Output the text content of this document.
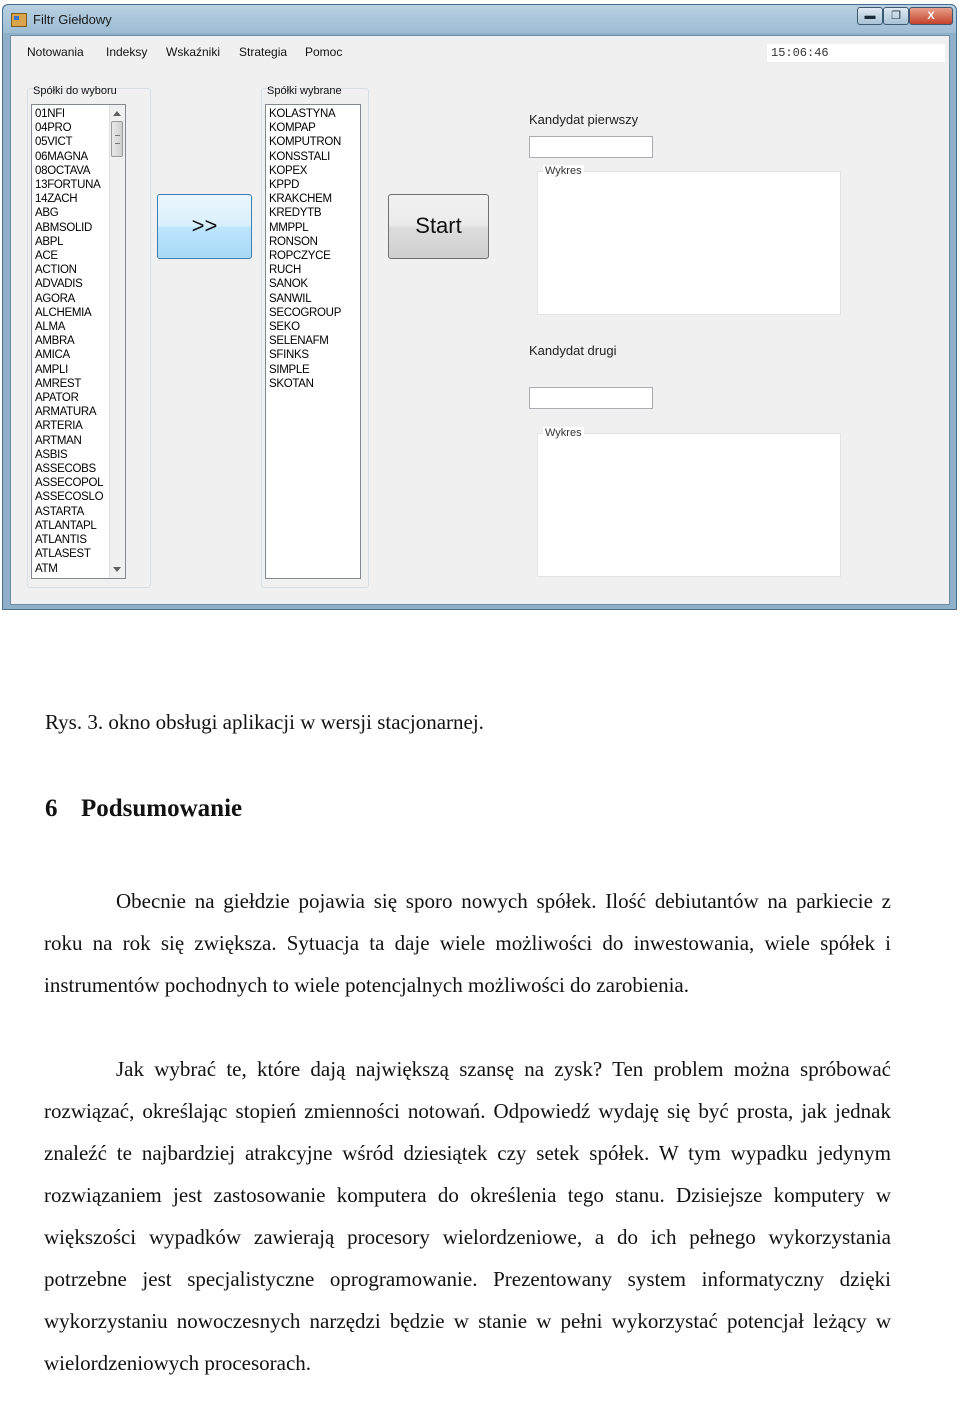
Filtr Giełdowy	▬	❐	X
Notowania Indeksy Wskaźniki Strategia Pomoc	15:06:46
Spółki do wyboru
01NFI
04PRO
05VICT
06MAGNA
08OCTAVA
13FORTUNA
14ZACH
ABG
ABMSOLID
ABPL
ACE
ACTION
ADVADIS
AGORA
ALCHEMIA
ALMA
AMBRA
AMICA
AMPLI
AMREST
APATOR
ARMATURA
ARTERIA
ARTMAN
ASBIS
ASSECOBS
ASSECOPOL
ASSECOSLO
ASTARTA
ATLANTAPL
ATLANTIS
ATLASEST
ATM
>>
Spółki wybrane
KOLASTYNA
KOMPAP
KOMPUTRON
KONSSTALI
KOPEX
KPPD
KRAKCHEM
KREDYTB
MMPPL
RONSON
ROPCZYCE
RUCH
SANOK
SANWIL
SECOGROUP
SEKO
SELENAFM
SFINKS
SIMPLE
SKOTAN
Start
Kandydat pierwszy
Wykres
Kandydat drugi
Wykres
Rys. 3. okno obsługi aplikacji w wersji stacjonarnej.
6 Podsumowanie

Obecnie na giełdzie pojawia się sporo nowych spółek. Ilość debiutantów na parkiecie z roku na rok się zwiększa. Sytuacja ta daje wiele możliwości do inwestowania, wiele spółek i instrumentów pochodnych to wiele potencjalnych możliwości do zarobienia.

Jak wybrać te, które dają największą szansę na zysk? Ten problem można spróbować rozwiązać, określając stopień zmienności notowań. Odpowiedź wydaję się być prosta, jak jednak znaleźć te najbardziej atrakcyjne wśród dziesiątek czy setek spółek. W tym wypadku jedynym rozwiązaniem jest zastosowanie komputera do określenia tego stanu. Dzisiejsze komputery w większości wypadków zawierają procesory wielordzeniowe, a do ich pełnego wykorzystania potrzebne jest specjalistyczne oprogramowanie. Prezentowany system informatyczny dzięki wykorzystaniu nowoczesnych narzędzi będzie w stanie w pełni wykorzystać potencjał leżący w wielordzeniowych procesorach.
